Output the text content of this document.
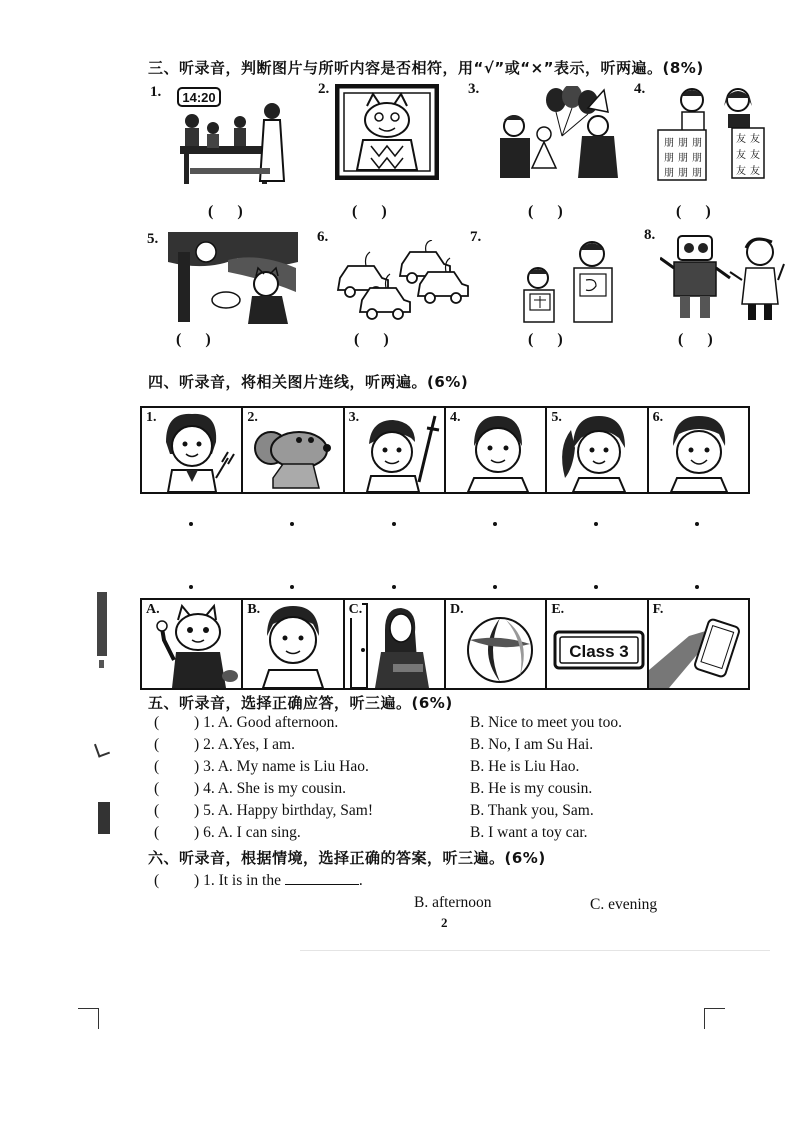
三、听录音，判断图片与所听内容是否相符，用“√”或“×”表示，听两遍。(8%)
1.	2.	3.	4.
14:20
朋 朋 朋
朋 朋 朋
朋 朋 朋
友 友
友 友
友 友
(      )	(      )	(      )	(      )
5.	6.	7.	8.
(      )	(      )	(      )	(      )
四、听录音，将相关图片连线，听两遍。(6%)
1.	2.	3.	4.	5.	6.
A.	B.	C.	D.	E.
Class 3
F.
五、听录音，选择正确应答，听三遍。(6%)
(         ) 1. A. Good afternoon.	B. Nice to meet you too.
(         ) 2. A.Yes, I am.	B. No, I am Su Hai.
(         ) 3. A. My name is Liu Hao.	B. He is Liu Hao.
(         ) 4. A. She is my cousin.	B. He is my cousin.
(         ) 5. A. Happy birthday, Sam!	B. Thank you, Sam.
(         ) 6. A. I can sing.	B. I want a toy car.
六、听录音，根据情境，选择正确的答案，听三遍。(6%)
(         ) 1. It is in the	.
B. afternoon	C. evening
2
